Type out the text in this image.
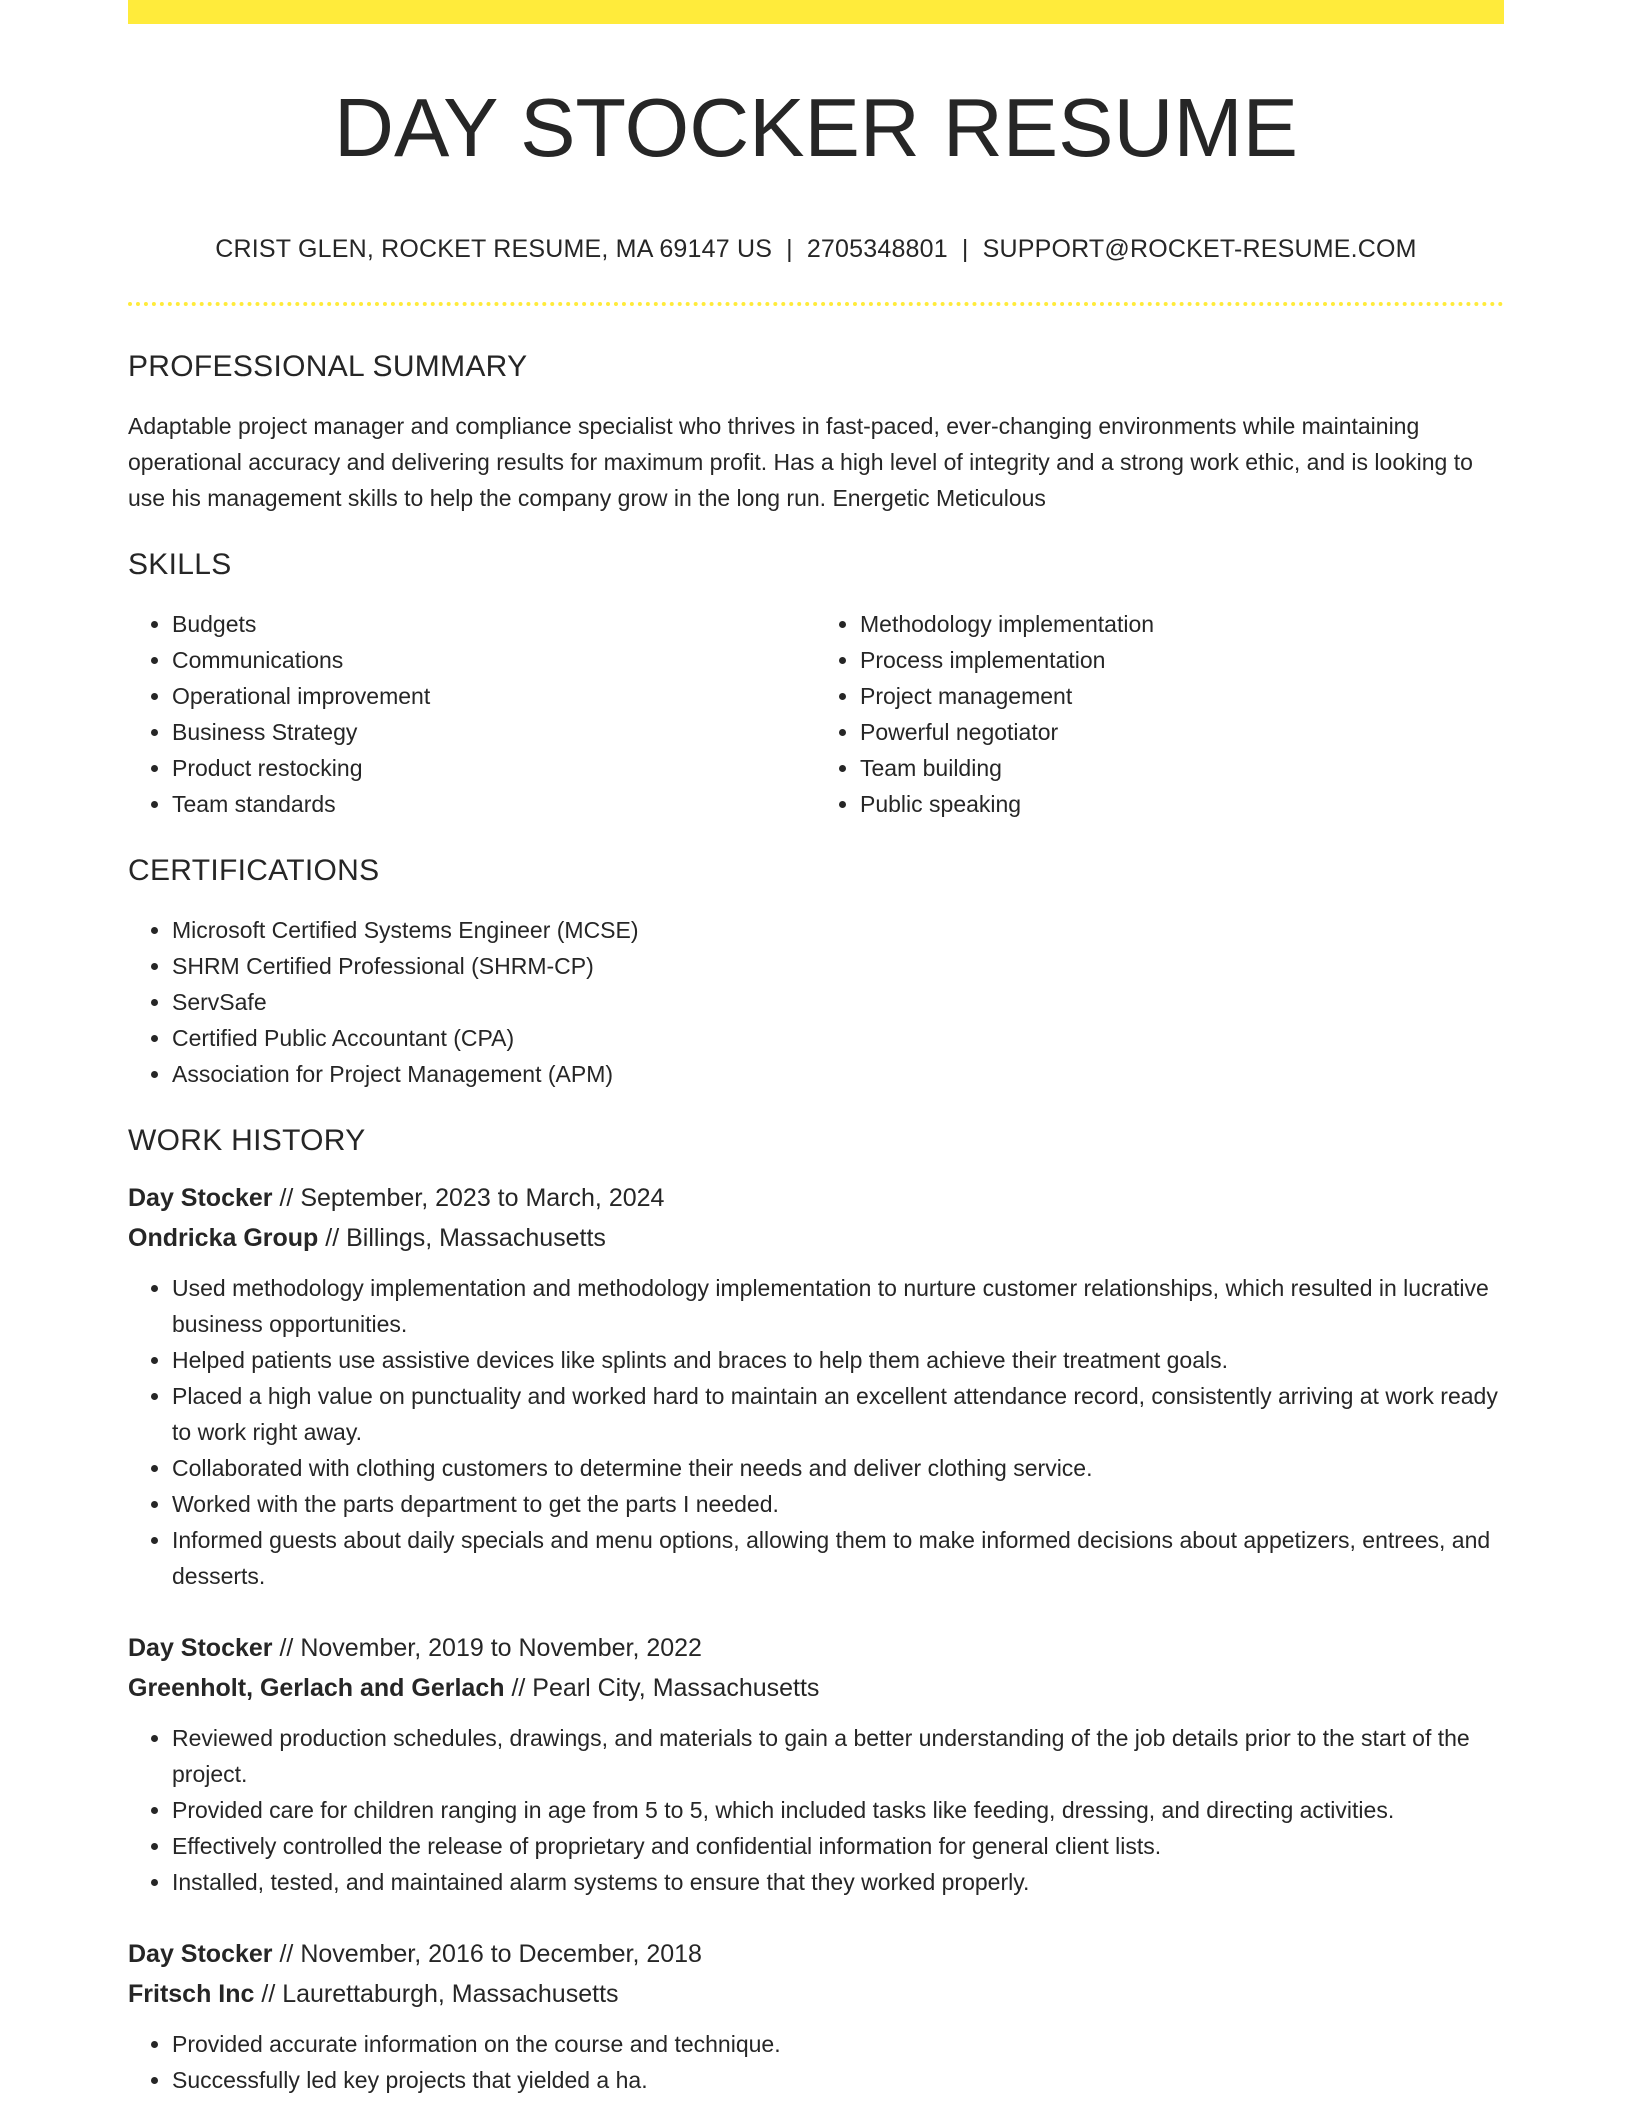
DAY STOCKER RESUME
CRIST GLEN, ROCKET RESUME, MA 69147 US | 2705348801 | SUPPORT@ROCKET-RESUME.COM
PROFESSIONAL SUMMARY
Adaptable project manager and compliance specialist who thrives in fast-paced, ever-changing environments while maintaining operational accuracy and delivering results for maximum profit. Has a high level of integrity and a strong work ethic, and is looking to use his management skills to help the company grow in the long run. Energetic Meticulous
SKILLS
• Budgets
• Communications
• Operational improvement
• Business Strategy
• Product restocking
• Team standards
• Methodology implementation
• Process implementation
• Project management
• Powerful negotiator
• Team building
• Public speaking
CERTIFICATIONS
• Microsoft Certified Systems Engineer (MCSE)
• SHRM Certified Professional (SHRM-CP)
• ServSafe
• Certified Public Accountant (CPA)
• Association for Project Management (APM)
WORK HISTORY
Day Stocker // September, 2023 to March, 2024
Ondricka Group // Billings, Massachusetts
• Used methodology implementation and methodology implementation to nurture customer relationships, which resulted in lucrative business opportunities.
• Helped patients use assistive devices like splints and braces to help them achieve their treatment goals.
• Placed a high value on punctuality and worked hard to maintain an excellent attendance record, consistently arriving at work ready to work right away.
• Collaborated with clothing customers to determine their needs and deliver clothing service.
• Worked with the parts department to get the parts I needed.
• Informed guests about daily specials and menu options, allowing them to make informed decisions about appetizers, entrees, and desserts.
Day Stocker // November, 2019 to November, 2022
Greenholt, Gerlach and Gerlach // Pearl City, Massachusetts
• Reviewed production schedules, drawings, and materials to gain a better understanding of the job details prior to the start of the project.
• Provided care for children ranging in age from 5 to 5, which included tasks like feeding, dressing, and directing activities.
• Effectively controlled the release of proprietary and confidential information for general client lists.
• Installed, tested, and maintained alarm systems to ensure that they worked properly.
Day Stocker // November, 2016 to December, 2018
Fritsch Inc // Laurettaburgh, Massachusetts
• Provided accurate information on the course and technique.
• Successfully led key projects that yielded a ha.
